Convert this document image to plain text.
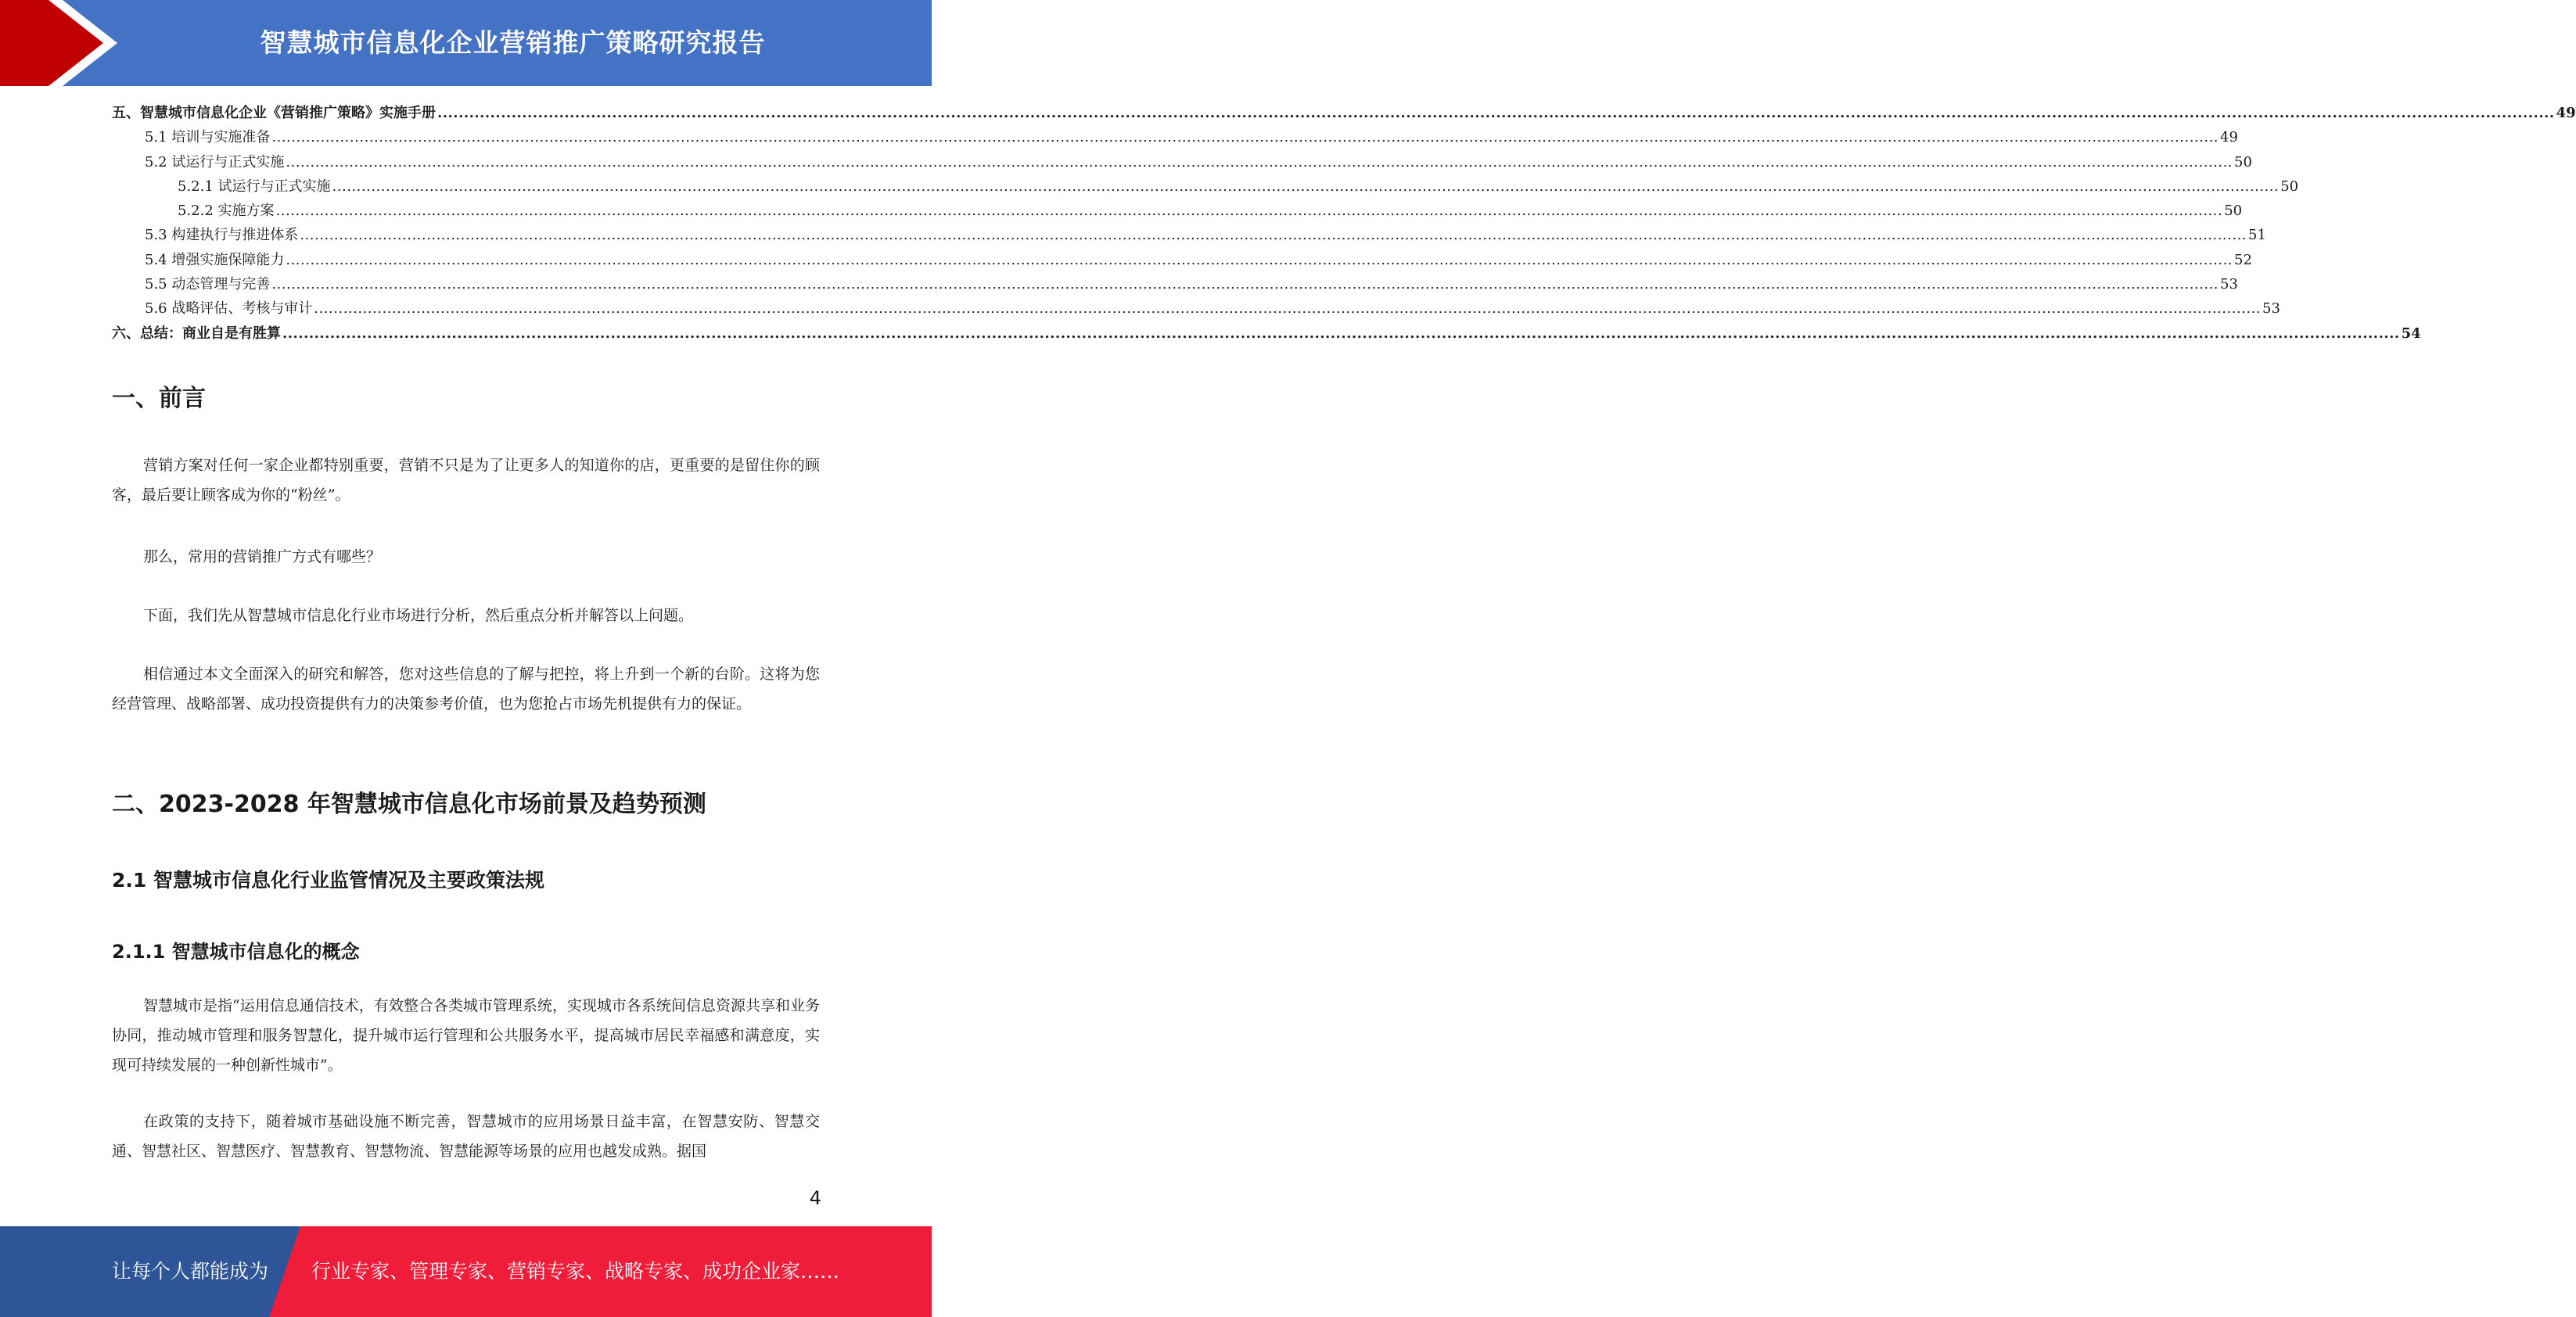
智慧城市信息化企业营销推广策略研究报告
五、智慧城市信息化企业《营销推广策略》实施手册 ................................................................................................................................................................................................................................................................................................................................................................................................................ 49
5.1 培训与实施准备 ................................................................................................................................................................................................................................................................................................................................................................................................................ 49
5.2 试运行与正式实施 ................................................................................................................................................................................................................................................................................................................................................................................................................ 50
5.2.1 试运行与正式实施 ................................................................................................................................................................................................................................................................................................................................................................................................................ 50
5.2.2 实施方案 ................................................................................................................................................................................................................................................................................................................................................................................................................ 50
5.3 构建执行与推进体系 ................................................................................................................................................................................................................................................................................................................................................................................................................ 51
5.4 增强实施保障能力 ................................................................................................................................................................................................................................................................................................................................................................................................................ 52
5.5 动态管理与完善 ................................................................................................................................................................................................................................................................................................................................................................................................................ 53
5.6 战略评估、考核与审计 ................................................................................................................................................................................................................................................................................................................................................................................................................ 53
六、总结：商业自是有胜算 ................................................................................................................................................................................................................................................................................................................................................................................................................ 54
一、前言

营销方案对任何一家企业都特别重要，营销不只是为了让更多人的知道你的店，更重要的是留住你的顾客，最后要让顾客成为你的“粉丝”。

那么，常用的营销推广方式有哪些？

下面，我们先从智慧城市信息化行业市场进行分析，然后重点分析并解答以上问题。

相信通过本文全面深入的研究和解答，您对这些信息的了解与把控，将上升到一个新的台阶。这将为您经营管理、战略部署、成功投资提供有力的决策参考价值，也为您抢占市场先机提供有力的保证。

二、2023-2028 年智慧城市信息化市场前景及趋势预测
2.1 智慧城市信息化行业监管情况及主要政策法规
2.1.1 智慧城市信息化的概念

智慧城市是指“运用信息通信技术，有效整合各类城市管理系统，实现城市各系统间信息资源共享和业务协同，推动城市管理和服务智慧化，提升城市运行管理和公共服务水平，提高城市居民幸福感和满意度，实现可持续发展的一种创新性城市”。

在政策的支持下，随着城市基础设施不断完善，智慧城市的应用场景日益丰富，在智慧安防、智慧交通、智慧社区、智慧医疗、智慧教育、智慧物流、智慧能源等场景的应用也越发成熟。据国

4
让每个人都能成为 行业专家、管理专家、营销专家、战略专家、成功企业家……
